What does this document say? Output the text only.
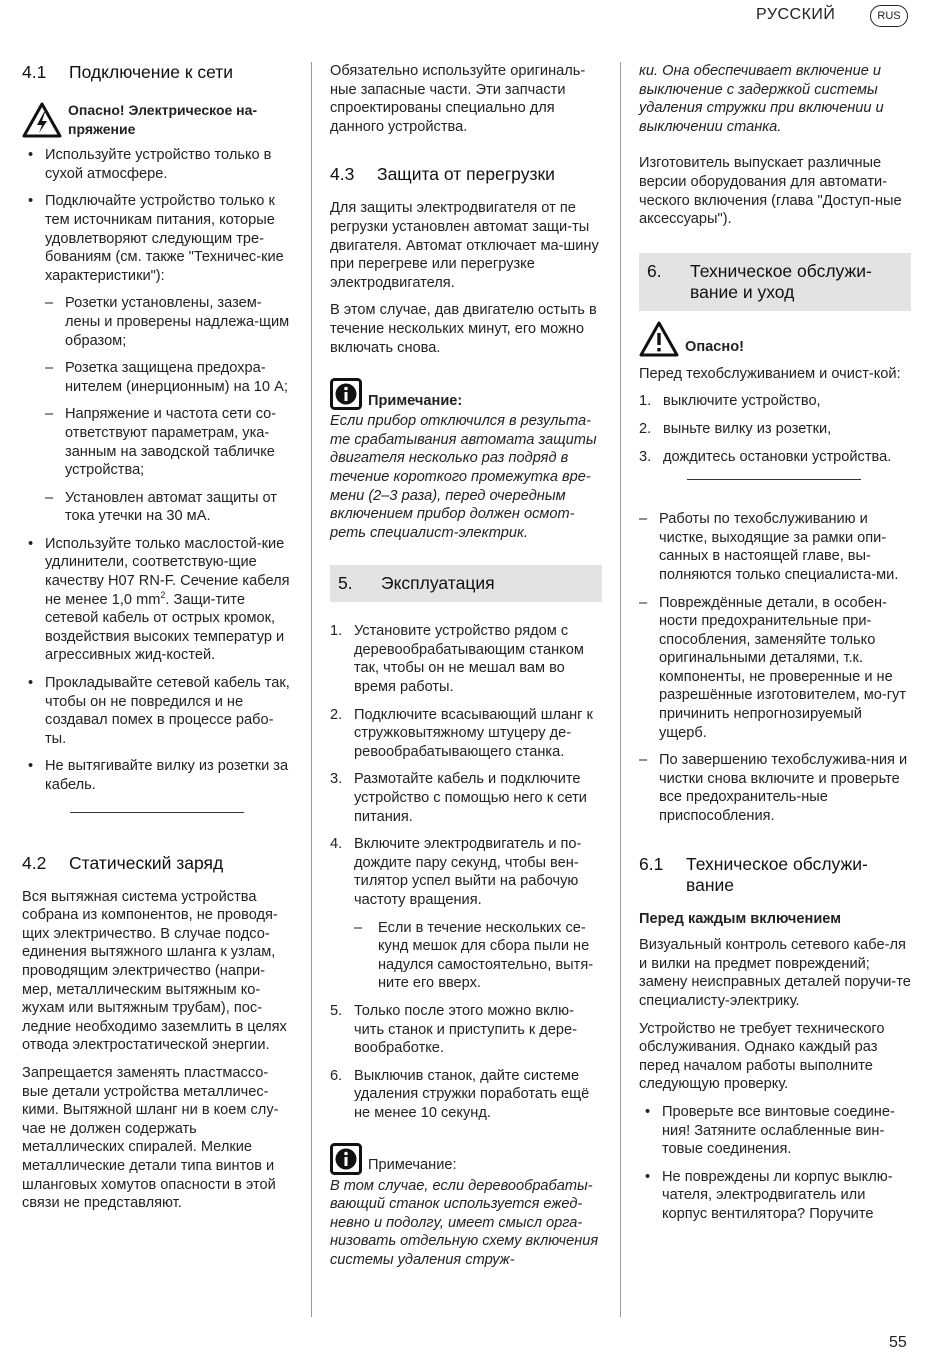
РУССКИЙ	RUS
4.1	Подключение к сети
Опасно! Электрическое на-
пряжение
• Используйте устройство только в сухой атмосфере.
• Подключайте устройство только к тем источникам питания, которые удовлетворяют следующим тре-бованиям (см. также "Техничес-кие характеристики"):
– Розетки установлены, зазем-лены и проверены надлежа-щим образом;
– Розетка защищена предохра-нителем (инерционным) на 10 А;
– Напряжение и частота сети со-ответствуют параметрам, ука-занным на заводской табличке устройства;
– Установлен автомат защиты от тока утечки на 30 мА.
• Используйте только маслостой-кие удлинители, соответствую-щие качеству H07 RN-F. Сечение кабеля не менее 1,0 $mm^2$. Защи-тите сетевой кабель от острых кромок, воздействия высоких температур и агрессивных жид-костей.
• Прокладывайте сетевой кабель так, чтобы он не повредился и не создавал помех в процессе рабо-ты.
• Не вытягивайте вилку из розетки за кабель.
4.2	Статический заряд

Вся вытяжная система устройства собрана из компонентов, не проводя-щих электричество. В случае подсо-единения вытяжного шланга к узлам, проводящим электричество (напри-мер, металлическим вытяжным ко-жухам или вытяжным трубам), пос-ледние необходимо заземлить в целях отвода электростатической энергии.

Запрещается заменять пластмассо-вые детали устройства металличес-кими. Вытяжной шланг ни в коем слу-чае не должен содержать металлических спиралей. Мелкие металлические детали типа винтов и шланговых хомутов опасности в этой связи не представляют.

Обязательно используйте оригиналь-ные запасные части. Эти запчасти спроектированы специально для данного устройства.

4.3	Защита от перегрузки

Для защиты электродвигателя от пе регрузки установлен автомат защи-ты двигателя. Автомат отключает ма-шину при перегреве или перегрузке электродвигателя.

В этом случае, дав двигателю остыть в течение нескольких минут, его можно включать снова.

Примечание:

Если прибор отключился в результа-те срабатывания автомата защиты двигателя несколько раз подряд в течение короткого промежутка вре-мени (2–3 раза), перед очередным включением прибор должен осмот-реть специалист-электрик.

5.	Эксплуатация
1. Установите устройство рядом с деревообрабатывающим станком так, чтобы он не мешал вам во время работы.
2. Подключите всасывающий шланг к стружковытяжному штуцеру де-ревообрабатывающего станка.
3. Размотайте кабель и подключите устройство с помощью него к сети питания.
4. Включите электродвигатель и по-дождите пару секунд, чтобы вен-тилятор успел выйти на рабочую частоту вращения.
– Если в течение нескольких се-кунд мешок для сбора пыли не надулся самостоятельно, вытя-ните его вверх.
5. Только после этого можно вклю-чить станок и приступить к дере-вообработке.
6. Выключив станок, дайте системе удаления стружки поработать ещё не менее 10 секунд.
Примечание:

В том случае, если деревообрабаты-вающий станок используется ежед-невно и подолгу, имеет смысл орга-низовать отдельную схему включения системы удаления струж-

ки. Она обеспечивает включение и выключение с задержкой системы удаления стружки при включении и выключении станка.

Изготовитель выпускает различные версии оборудования для автомати-ческого включения (глава "Доступ-ные аксессуары").

6.	Техническое обслужи-вание и уход
Опасно!

Перед техобслуживанием и очист-кой:

1. выключите устройство,
2. выньте вилку из розетки,
3. дождитесь остановки устройства.
– Работы по техобслуживанию и чистке, выходящие за рамки опи-санных в настоящей главе, вы-полняются только специалиста-ми.
– Повреждённые детали, в особен-ности предохранительные при-способления, заменяйте только оригинальными деталями, т.к. компоненты, не проверенные и не разрешённые изготовителем, мо-гут причинить непрогнозируемый ущерб.
– По завершению техобслужива-ния и чистки снова включите и проверьте все предохранитель-ные приспособления.
6.1	Техническое обслужи-вание

Перед каждым включением

Визуальный контроль сетевого кабе-ля и вилки на предмет повреждений; замену неисправных деталей поручи-те специалисту-электрику.

Устройство не требует технического обслуживания. Однако каждый раз перед началом работы выполните следующую проверку.

• Проверьте все винтовые соедине-ния! Затяните ослабленные вин-товые соединения.
• Не повреждены ли корпус выклю-чателя, электродвигатель или корпус вентилятора? Поручите
55
